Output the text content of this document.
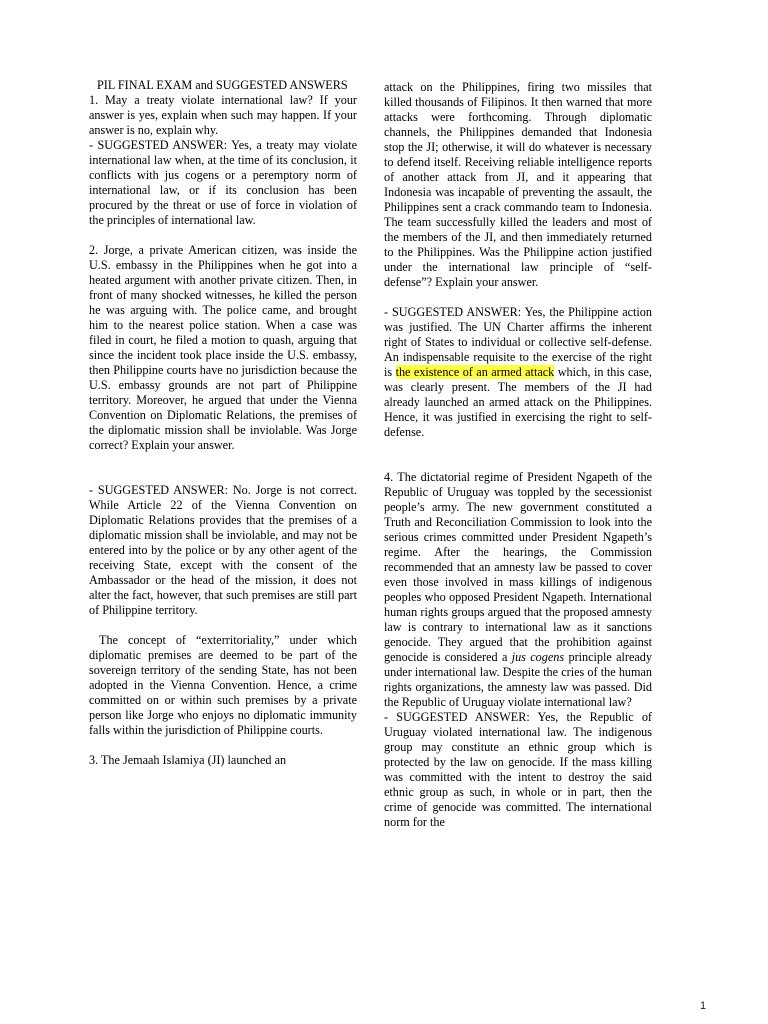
PIL FINAL EXAM and SUGGESTED ANSWERS

1. May a treaty violate international law? If your answer is yes, explain when such may happen. If your answer is no, explain why.

- SUGGESTED ANSWER: Yes, a treaty may violate international law when, at the time of its conclusion, it conflicts with jus cogens or a peremptory norm of international law, or if its conclusion has been procured by the threat or use of force in violation of the principles of international law.

2. Jorge, a private American citizen, was inside the U.S. embassy in the Philippines when he got into a heated argument with another private citizen. Then, in front of many shocked witnesses, he killed the person he was arguing with. The police came, and brought him to the nearest police station. When a case was filed in court, he filed a motion to quash, arguing that since the incident took place inside the U.S. embassy, then Philippine courts have no jurisdiction because the U.S. embassy grounds are not part of Philippine territory. Moreover, he argued that under the Vienna Convention on Diplomatic Relations, the premises of the diplomatic mission shall be inviolable. Was Jorge correct? Explain your answer.

- SUGGESTED ANSWER: No. Jorge is not correct. While Article 22 of the Vienna Convention on Diplomatic Relations provides that the premises of a diplomatic mission shall be inviolable, and may not be entered into by the police or by any other agent of the receiving State, except with the consent of the Ambassador or the head of the mission, it does not alter the fact, however, that such premises are still part of Philippine territory.

The concept of “exterritoriality,” under which diplomatic premises are deemed to be part of the sovereign territory of the sending State, has not been adopted in the Vienna Convention. Hence, a crime committed on or within such premises by a private person like Jorge who enjoys no diplomatic immunity falls within the jurisdiction of Philippine courts.

3. The Jemaah Islamiya (JI) launched an

attack on the Philippines, firing two missiles that killed thousands of Filipinos. It then warned that more attacks were forthcoming. Through diplomatic channels, the Philippines demanded that Indonesia stop the JI; otherwise, it will do whatever is necessary to defend itself. Receiving reliable intelligence reports of another attack from JI, and it appearing that Indonesia was incapable of preventing the assault, the Philippines sent a crack commando team to Indonesia. The team successfully killed the leaders and most of the members of the JI, and then immediately returned to the Philippines. Was the Philippine action justified under the international law principle of “self-defense”? Explain your answer.

- SUGGESTED ANSWER: Yes, the Philippine action was justified. The UN Charter affirms the inherent right of States to individual or collective self-defense. An indispensable requisite to the exercise of the right is the existence of an armed attack which, in this case, was clearly present. The members of the JI had already launched an armed attack on the Philippines. Hence, it was justified in exercising the right to self-defense.

4. The dictatorial regime of President Ngapeth of the Republic of Uruguay was toppled by the secessionist people’s army. The new government constituted a Truth and Reconciliation Commission to look into the serious crimes committed under President Ngapeth’s regime. After the hearings, the Commission recommended that an amnesty law be passed to cover even those involved in mass killings of indigenous peoples who opposed President Ngapeth. International human rights groups argued that the proposed amnesty law is contrary to international law as it sanctions genocide. They argued that the prohibition against genocide is considered a jus cogens principle already under international law. Despite the cries of the human rights organizations, the amnesty law was passed. Did the Republic of Uruguay violate international law?

- SUGGESTED ANSWER: Yes, the Republic of Uruguay violated international law. The indigenous group may constitute an ethnic group which is protected by the law on genocide. If the mass killing was committed with the intent to destroy the said ethnic group as such, in whole or in part, then the crime of genocide was committed. The international norm for the

1
